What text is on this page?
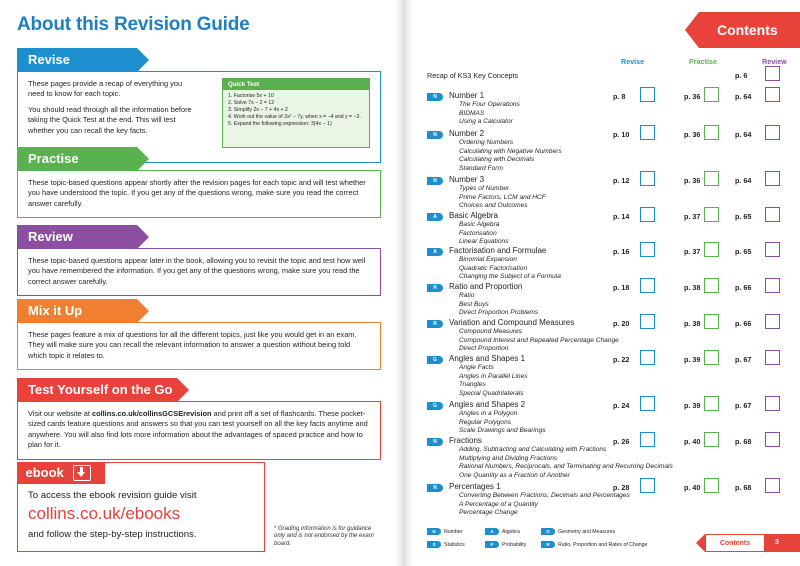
About this Revision Guide
Revise

These pages provide a recap of everything you need to know for each topic.

You should read through all the information before taking the Quick Test at the end. This will test whether you can recall the key facts.

Quick Test
1. Factorise 5x + 10
2. Solve 7x − 2 = 12
3. Simplify 2x − 7 + 4x + 2
4. Work out the value of 2x² − 7y, when x = −4 and y = −3.
5. Expand the following expression: 3(4x − 1)
Practise

These topic-based questions appear shortly after the revision pages for each topic and will test whether you have understood the topic. If you get any of the questions wrong, make sure you read the correct answer carefully.

Review

These topic-based questions appear later in the book, allowing you to revisit the topic and test how well you have remembered the information. If you get any of the questions wrong, make sure you read the correct answer carefully.

Mix it Up

These pages feature a mix of questions for all the different topics, just like you would get in an exam. They will make sure you can recall the relevant information to answer a question without being told which topic it relates to.

Test Yourself on the Go

Visit our website at collins.co.uk/collinsGCSErevision and print off a set of flashcards. These pocket-sized cards feature questions and answers so that you can test yourself on all the key facts anytime and anywhere. You will also find lots more information about the advantages of spaced practice and how to plan for it.

ebook
To access the ebook revision guide visit
collins.co.uk/ebooks
and follow the step-by-step instructions.	* Grading information is for guidance only and is not endorsed by the exam board.
Contents
Revise	Practise	Review
Recap of KS3 Key Concepts	p. 6
N	Number 1
The Four Operations
BIDMAS
Using a Calculator
p. 8	p. 36	p. 64
N	Number 2
Ordering Numbers
Calculating with Negative Numbers
Calculating with Decimals
Standard Form
p. 10	p. 36	p. 64
N	Number 3
Types of Number
Prime Factors, LCM and HCF
Choices and Outcomes
p. 12	p. 36	p. 64
A	Basic Algebra
Basic Algebra
Factorisation
Linear Equations
p. 14	p. 37	p. 65
A	Factorisation and Formulae
Binomial Expansion
Quadratic Factorisation
Changing the Subject of a Formula
p. 16	p. 37	p. 65
R	Ratio and Proportion
Ratio
Best Buys
Direct Proportion Problems
p. 18	p. 38	p. 66
R	Variation and Compound Measures
Compound Measures
Compound Interest and Repeated Percentage Change
Direct Proportion
p. 20	p. 38	p. 66
G	Angles and Shapes 1
Angle Facts
Angles in Parallel Lines
Triangles
Special Quadrilaterals
p. 22	p. 39	p. 67
G	Angles and Shapes 2
Angles in a Polygon
Regular Polygons
Scale Drawings and Bearings
p. 24	p. 39	p. 67
N	Fractions
Adding, Subtracting and Calculating with Fractions
Multiplying and Dividing Fractions
Rational Numbers, Reciprocals, and Terminating and Recurring Decimals
One Quantity as a Fraction of Another
p. 26	p. 40	p. 68
N	Percentages 1
Converting Between Fractions, Decimals and Percentages
A Percentage of a Quantity
Percentage Change
p. 28	p. 40	p. 68
N	Number	A	Algebra	G	Geometry and Measures
S	Statistics	P	Probability	R	Ratio, Proportion and Rates of Change	Contents	3
